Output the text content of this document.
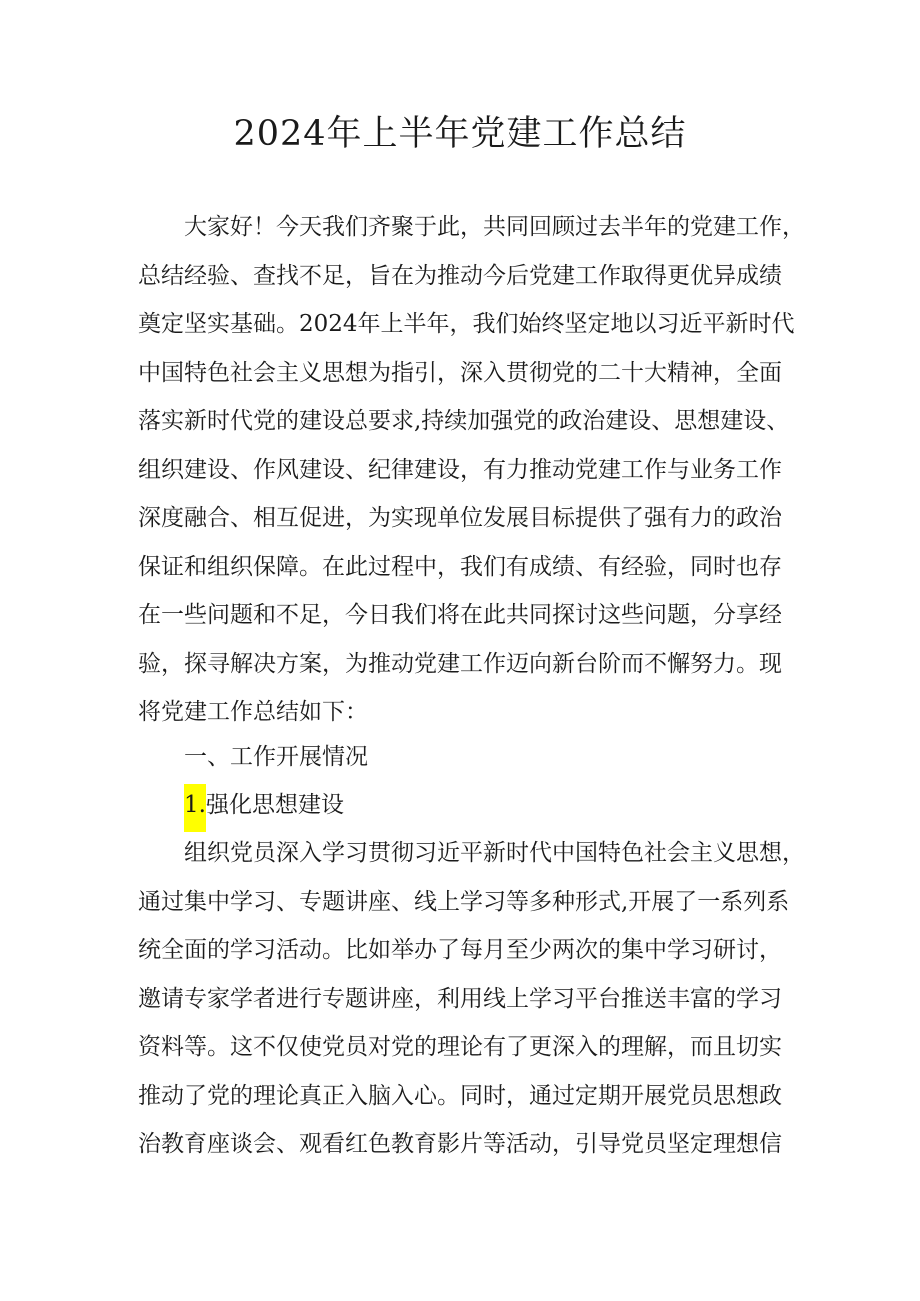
2024年上半年党建工作总结
大家好！今天我们齐聚于此，共同回顾过去半年的党建工作，
总结经验、查找不足，旨在为推动今后党建工作取得更优异成绩
奠定坚实基础。2024年上半年，我们始终坚定地以习近平新时代
中国特色社会主义思想为指引，深入贯彻党的二十大精神，全面
落实新时代党的建设总要求,持续加强党的政治建设、思想建设、
组织建设、作风建设、纪律建设，有力推动党建工作与业务工作
深度融合、相互促进，为实现单位发展目标提供了强有力的政治
保证和组织保障。在此过程中，我们有成绩、有经验，同时也存
在一些问题和不足，今日我们将在此共同探讨这些问题，分享经
验，探寻解决方案，为推动党建工作迈向新台阶而不懈努力。现
将党建工作总结如下：
一、工作开展情况
1.强化思想建设
组织党员深入学习贯彻习近平新时代中国特色社会主义思想，
通过集中学习、专题讲座、线上学习等多种形式,开展了一系列系
统全面的学习活动。比如举办了每月至少两次的集中学习研讨，
邀请专家学者进行专题讲座，利用线上学习平台推送丰富的学习
资料等。这不仅使党员对党的理论有了更深入的理解，而且切实
推动了党的理论真正入脑入心。同时，通过定期开展党员思想政
治教育座谈会、观看红色教育影片等活动，引导党员坚定理想信
